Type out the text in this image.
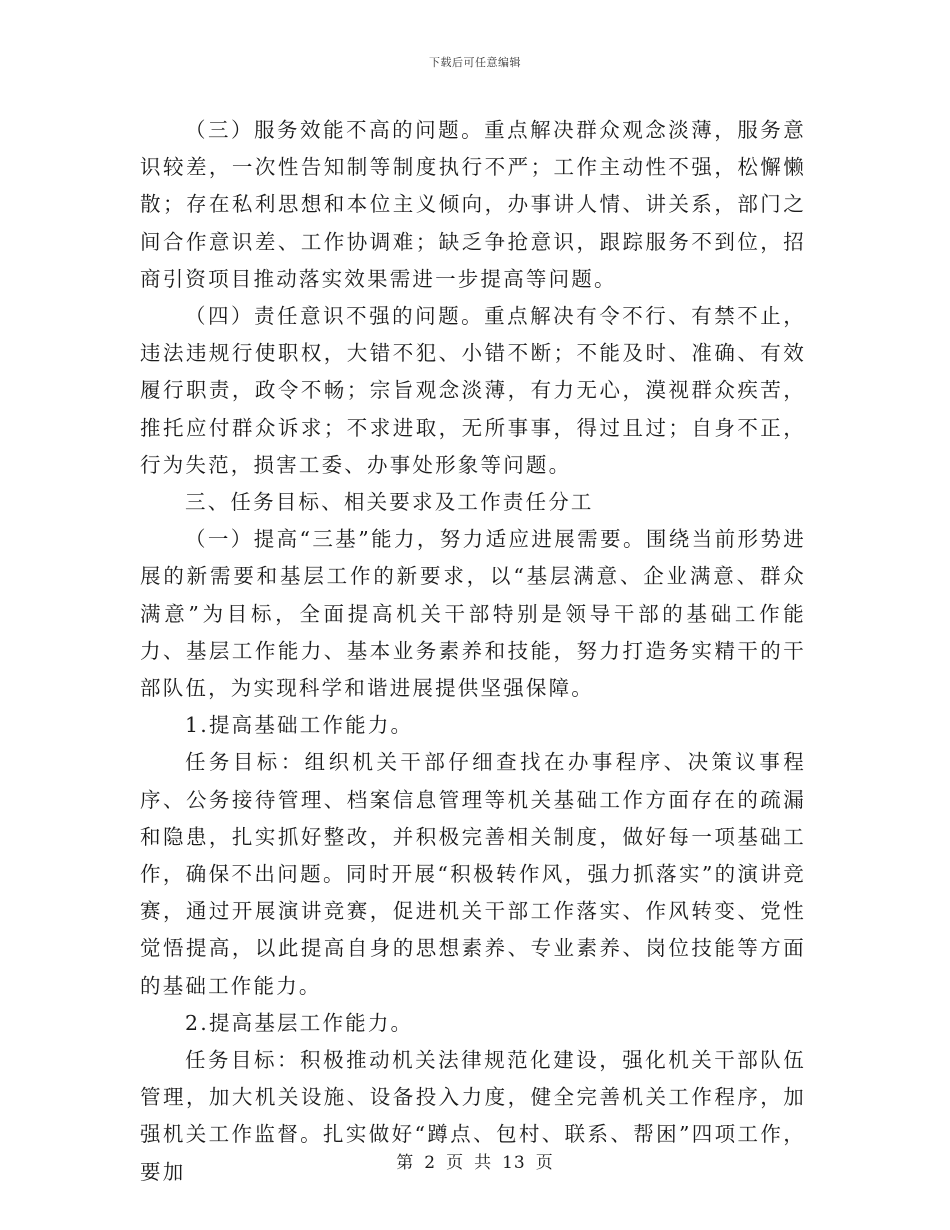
下载后可任意编辑

（三）服务效能不高的问题。重点解决群众观念淡薄，服务意识较差，一次性告知制等制度执行不严；工作主动性不强，松懈懒散；存在私利思想和本位主义倾向，办事讲人情、讲关系，部门之间合作意识差、工作协调难；缺乏争抢意识，跟踪服务不到位，招商引资项目推动落实效果需进一步提高等问题。

（四）责任意识不强的问题。重点解决有令不行、有禁不止，违法违规行使职权，大错不犯、小错不断；不能及时、准确、有效履行职责，政令不畅；宗旨观念淡薄，有力无心，漠视群众疾苦，推托应付群众诉求；不求进取，无所事事，得过且过；自身不正，行为失范，损害工委、办事处形象等问题。

三、任务目标、相关要求及工作责任分工

（一）提高“三基”能力，努力适应进展需要。围绕当前形势进展的新需要和基层工作的新要求，以“基层满意、企业满意、群众满意”为目标，全面提高机关干部特别是领导干部的基础工作能力、基层工作能力、基本业务素养和技能，努力打造务实精干的干部队伍，为实现科学和谐进展提供坚强保障。

1.提高基础工作能力。

任务目标：组织机关干部仔细查找在办事程序、决策议事程序、公务接待管理、档案信息管理等机关基础工作方面存在的疏漏和隐患，扎实抓好整改，并积极完善相关制度，做好每一项基础工作，确保不出问题。同时开展“积极转作风，强力抓落实”的演讲竞赛，通过开展演讲竞赛，促进机关干部工作落实、作风转变、党性觉悟提高，以此提高自身的思想素养、专业素养、岗位技能等方面的基础工作能力。

2.提高基层工作能力。

任务目标：积极推动机关法律规范化建设，强化机关干部队伍管理，加大机关设施、设备投入力度，健全完善机关工作程序，加强机关工作监督。扎实做好“蹲点、包村、联系、帮困”四项工作，要加	第 2 页 共 13 页
